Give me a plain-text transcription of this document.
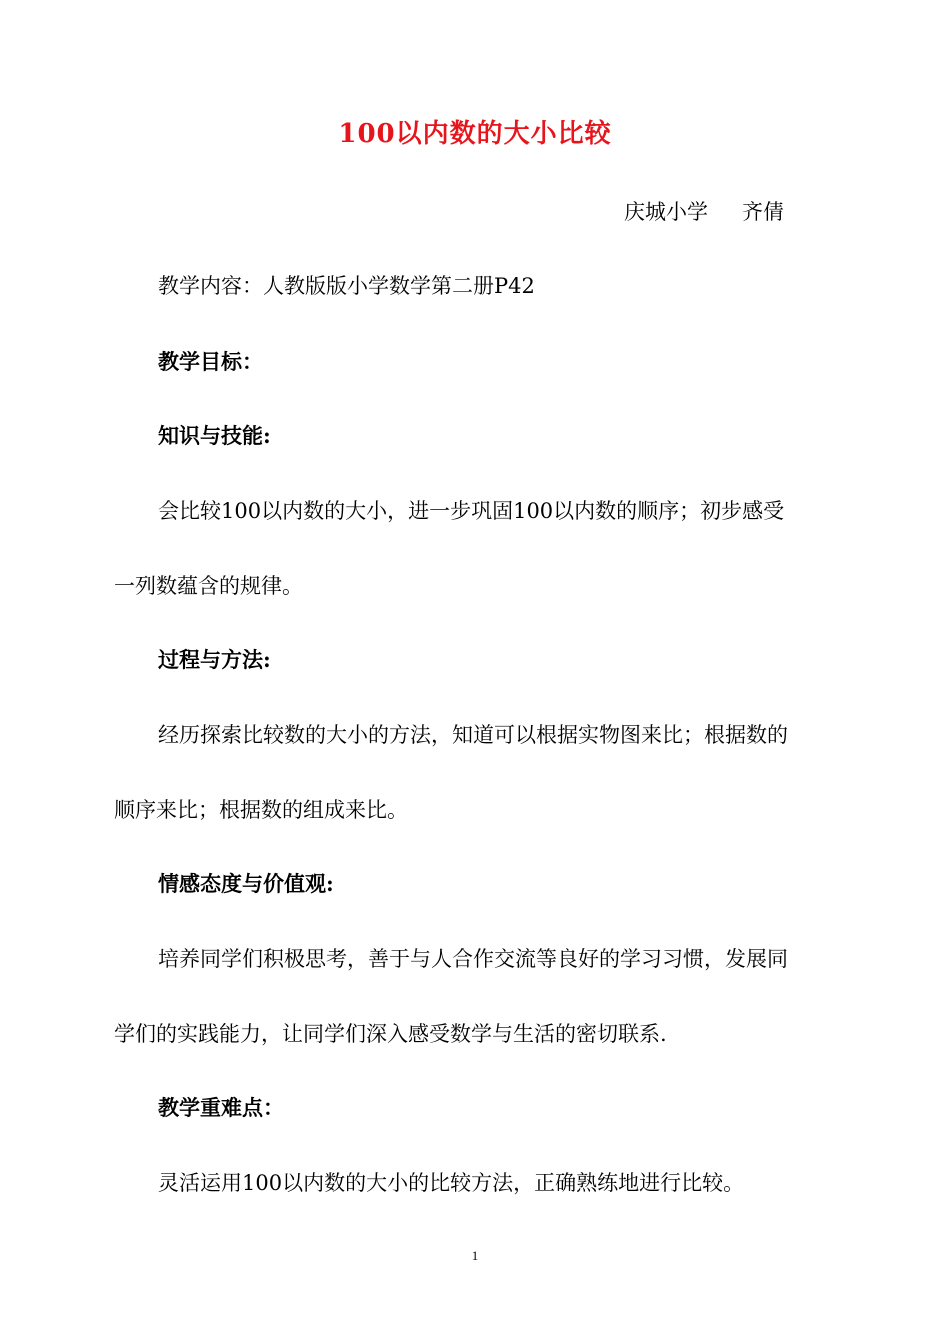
100以内数的大小比较
庆城小学 齐倩
教学内容：人教版版小学数学第二册P42
教学目标：
知识与技能:
会比较100以内数的大小，进一步巩固100以内数的顺序；初步感受
一列数蕴含的规律。
过程与方法:
经历探索比较数的大小的方法，知道可以根据实物图来比；根据数的
顺序来比；根据数的组成来比。
情感态度与价值观:
培养同学们积极思考，善于与人合作交流等良好的学习习惯，发展同
学们的实践能力，让同学们深入感受数学与生活的密切联系.
教学重难点：
灵活运用100以内数的大小的比较方法，正确熟练地进行比较。
1
